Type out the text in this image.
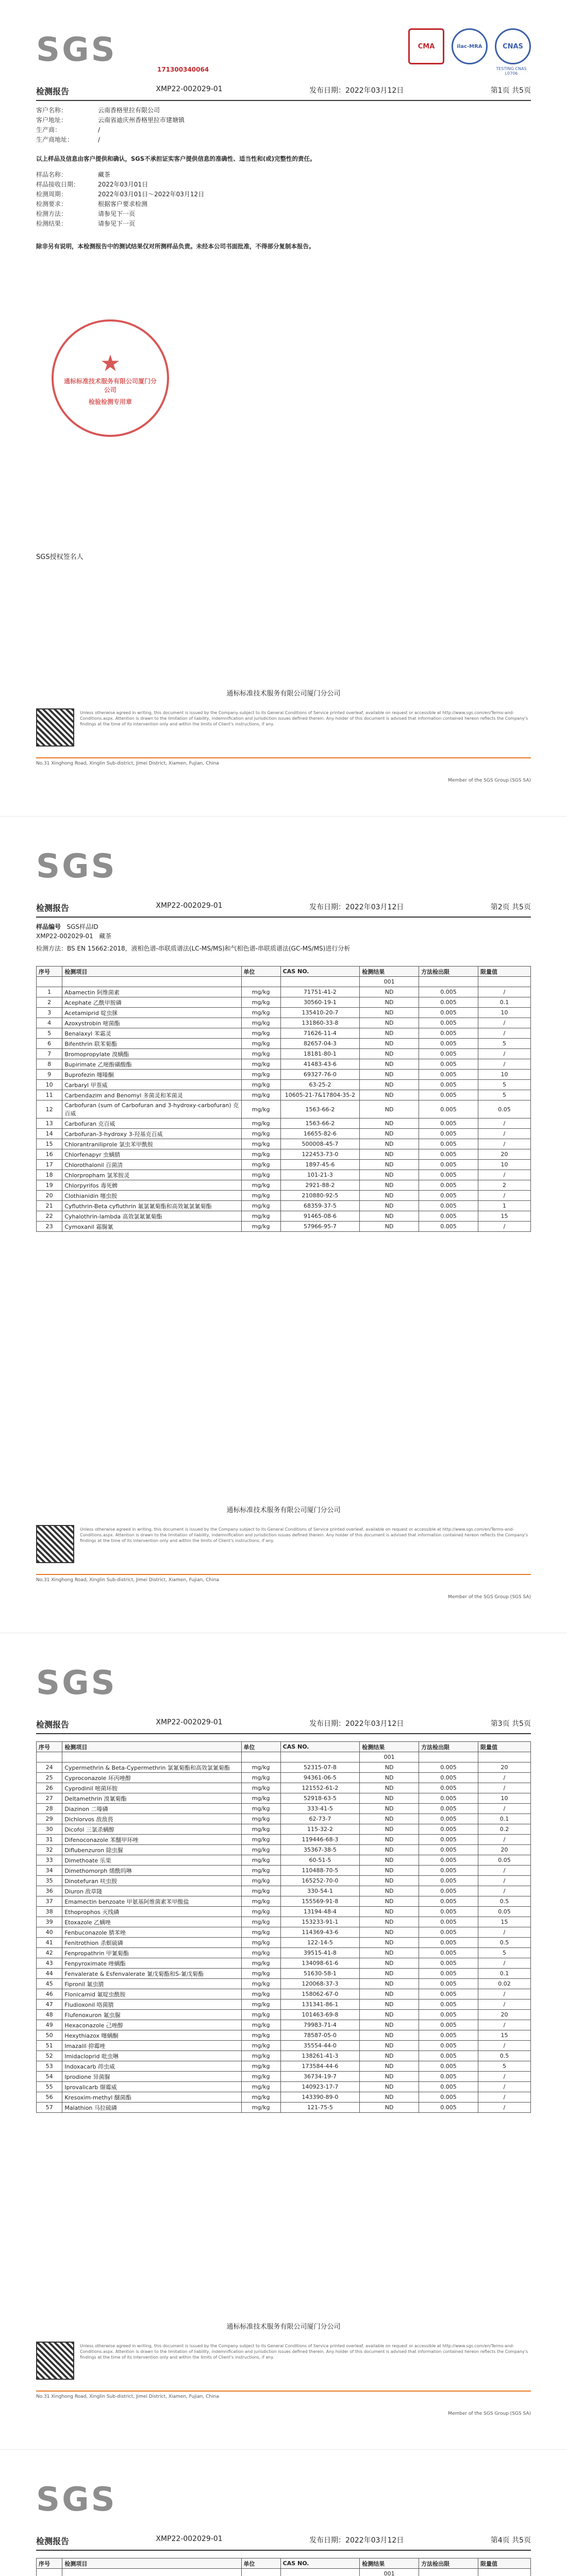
SGS	CMA	ilac-MRA	CNAS
TESTING CNAS L0706
171300340064
检测报告	XMP22-002029-01	发布日期：2022年03月12日	第1页 共5页
客户名称：	云南香格里拉有限公司
客户地址：	云南省迪庆州香格里拉市建塘镇
生产商：	/
生产商地址：	/
以上样品及信息由客户提供和确认，SGS不承担证实客户提供信息的准确性、适当性和(或)完整性的责任。
样品名称：	藏茶
样品接收日期：	2022年03月01日
检测周期：	2022年03月01日～2022年03月12日
检测要求：	根据客户要求检测
检测方法：	请参见下一页
检测结果：	请参见下一页
除非另有说明，本检测报告中的测试结果仅对所测样品负责。未经本公司书面批准，不得部分复制本报告。
★
通标标准技术服务有限公司厦门分公司
检验检测专用章
SGS授权签名人
通标标准技术服务有限公司厦门分公司
Unless otherwise agreed in writing, this document is issued by the Company subject to its General Conditions of Service printed overleaf, available on request or accessible at http://www.sgs.com/en/Terms-and-Conditions.aspx. Attention is drawn to the limitation of liability, indemnification and jurisdiction issues defined therein. Any holder of this document is advised that information contained hereon reflects the Company's findings at the time of its intervention only and within the limits of Client's instructions, if any.
No.31 Xinghong Road, Xinglin Sub-district, Jimei District, Xiamen, Fujian, China
Member of the SGS Group (SGS SA)
SGS
检测报告	XMP22-002029-01	发布日期：2022年03月12日	第2页 共5页
样品编号 SGS样品ID
XMP22-002029-01 藏茶
检测方法：BS EN 15662:2018，液相色谱-串联质谱法(LC-MS/MS)和气相色谱-串联质谱法(GC-MS/MS)进行分析
序号	检测项目	单位	CAS NO.	检测结果	方法检出限	限量值
				001		
1	Abamectin 阿维菌素	mg/kg	71751-41-2	ND	0.005	/
2	Acephate 乙酰甲胺磷	mg/kg	30560-19-1	ND	0.005	0.1
3	Acetamiprid 啶虫脒	mg/kg	135410-20-7	ND	0.005	10
4	Azoxystrobin 嘧菌酯	mg/kg	131860-33-8	ND	0.005	/
5	Benalaxyl 苯霜灵	mg/kg	71626-11-4	ND	0.005	/
6	Bifenthrin 联苯菊酯	mg/kg	82657-04-3	ND	0.005	5
7	Bromopropylate 溴螨酯	mg/kg	18181-80-1	ND	0.005	/
8	Bupirimate 乙嘧酚磺酸酯	mg/kg	41483-43-6	ND	0.005	/
9	Buprofezin 噻嗪酮	mg/kg	69327-76-0	ND	0.005	10
10	Carbaryl 甲萘威	mg/kg	63-25-2	ND	0.005	5
11	Carbendazim and Benomyl 多菌灵和苯菌灵	mg/kg	10605-21-7&17804-35-2	ND	0.005	5
12	Carbofuran (sum of Carbofuran and 3-hydroxy-carbofuran) 克百威	mg/kg	1563-66-2	ND	0.005	0.05
13	Carbofuran 克百威	mg/kg	1563-66-2	ND	0.005	/
14	Carbofuran-3-hydroxy 3-羟基克百威	mg/kg	16655-82-6	ND	0.005	/
15	Chlorantraniliprole 氯虫苯甲酰胺	mg/kg	500008-45-7	ND	0.005	/
16	Chlorfenapyr 虫螨腈	mg/kg	122453-73-0	ND	0.005	20
17	Chlorothalonil 百菌清	mg/kg	1897-45-6	ND	0.005	10
18	Chlorpropham 氯苯胺灵	mg/kg	101-21-3	ND	0.005	/
19	Chlorpyrifos 毒死蜱	mg/kg	2921-88-2	ND	0.005	2
20	Clothianidin 噻虫胺	mg/kg	210880-92-5	ND	0.005	/
21	Cyfluthrin-Beta cyfluthrin 氟氯氰菊酯和高效氟氯氰菊酯	mg/kg	68359-37-5	ND	0.005	1
22	Cyhalothrin-lambda 高效氯氟氰菊酯	mg/kg	91465-08-6	ND	0.005	15
23	Cymoxanil 霜脲氰	mg/kg	57966-95-7	ND	0.005	/
通标标准技术服务有限公司厦门分公司
Unless otherwise agreed in writing, this document is issued by the Company subject to its General Conditions of Service printed overleaf, available on request or accessible at http://www.sgs.com/en/Terms-and-Conditions.aspx. Attention is drawn to the limitation of liability, indemnification and jurisdiction issues defined therein. Any holder of this document is advised that information contained hereon reflects the Company's findings at the time of its intervention only and within the limits of Client's instructions, if any.
No.31 Xinghong Road, Xinglin Sub-district, Jimei District, Xiamen, Fujian, China
Member of the SGS Group (SGS SA)
SGS
检测报告	XMP22-002029-01	发布日期：2022年03月12日	第3页 共5页
序号	检测项目	单位	CAS NO.	检测结果	方法检出限	限量值
				001		
24	Cypermethrin & Beta-Cypermethrin 氯氰菊酯和高效氯氰菊酯	mg/kg	52315-07-8	ND	0.005	20
25	Cyproconazole 环丙唑醇	mg/kg	94361-06-5	ND	0.005	/
26	Cyprodinil 嘧菌环胺	mg/kg	121552-61-2	ND	0.005	/
27	Deltamethrin 溴氰菊酯	mg/kg	52918-63-5	ND	0.005	10
28	Diazinon 二嗪磷	mg/kg	333-41-5	ND	0.005	/
29	Dichlorvos 敌敌畏	mg/kg	62-73-7	ND	0.005	0.1
30	Dicofol 三氯杀螨醇	mg/kg	115-32-2	ND	0.005	0.2
31	Difenoconazole 苯醚甲环唑	mg/kg	119446-68-3	ND	0.005	/
32	Diflubenzuron 除虫脲	mg/kg	35367-38-5	ND	0.005	20
33	Dimethoate 乐果	mg/kg	60-51-5	ND	0.005	0.05
34	Dimethomorph 烯酰吗啉	mg/kg	110488-70-5	ND	0.005	/
35	Dinotefuran 呋虫胺	mg/kg	165252-70-0	ND	0.005	/
36	Diuron 敌草隆	mg/kg	330-54-1	ND	0.005	/
37	Emamectin benzoate 甲氨基阿维菌素苯甲酸盐	mg/kg	155569-91-8	ND	0.005	0.5
38	Ethoprophos 灭线磷	mg/kg	13194-48-4	ND	0.005	0.05
39	Etoxazole 乙螨唑	mg/kg	153233-91-1	ND	0.005	15
40	Fenbuconazole 腈苯唑	mg/kg	114369-43-6	ND	0.005	/
41	Fenitrothion 杀螟硫磷	mg/kg	122-14-5	ND	0.005	0.5
42	Fenpropathrin 甲氰菊酯	mg/kg	39515-41-8	ND	0.005	5
43	Fenpyroximate 唑螨酯	mg/kg	134098-61-6	ND	0.005	/
44	Fenvalerate & Esfenvalerate 氰戊菊酯和S-氰戊菊酯	mg/kg	51630-58-1	ND	0.005	0.1
45	Fipronil 氟虫腈	mg/kg	120068-37-3	ND	0.005	0.02
46	Flonicamid 氟啶虫酰胺	mg/kg	158062-67-0	ND	0.005	/
47	Fludioxonil 咯菌腈	mg/kg	131341-86-1	ND	0.005	/
48	Flufenoxuron 氟虫脲	mg/kg	101463-69-8	ND	0.005	20
49	Hexaconazole 己唑醇	mg/kg	79983-71-4	ND	0.005	/
50	Hexythiazox 噻螨酮	mg/kg	78587-05-0	ND	0.005	15
51	Imazalil 抑霉唑	mg/kg	35554-44-0	ND	0.005	/
52	Imidacloprid 吡虫啉	mg/kg	138261-41-3	ND	0.005	0.5
53	Indoxacarb 茚虫威	mg/kg	173584-44-6	ND	0.005	5
54	Iprodione 异菌脲	mg/kg	36734-19-7	ND	0.005	/
55	Iprovalicarb 缬霉威	mg/kg	140923-17-7	ND	0.005	/
56	Kresoxim-methyl 醚菌酯	mg/kg	143390-89-0	ND	0.005	/
57	Malathion 马拉硫磷	mg/kg	121-75-5	ND	0.005	/
通标标准技术服务有限公司厦门分公司
Unless otherwise agreed in writing, this document is issued by the Company subject to its General Conditions of Service printed overleaf, available on request or accessible at http://www.sgs.com/en/Terms-and-Conditions.aspx. Attention is drawn to the limitation of liability, indemnification and jurisdiction issues defined therein. Any holder of this document is advised that information contained hereon reflects the Company's findings at the time of its intervention only and within the limits of Client's instructions, if any.
No.31 Xinghong Road, Xinglin Sub-district, Jimei District, Xiamen, Fujian, China
Member of the SGS Group (SGS SA)
SGS
检测报告	XMP22-002029-01	发布日期：2022年03月12日	第4页 共5页
序号	检测项目	单位	CAS NO.	检测结果	方法检出限	限量值
				001		
